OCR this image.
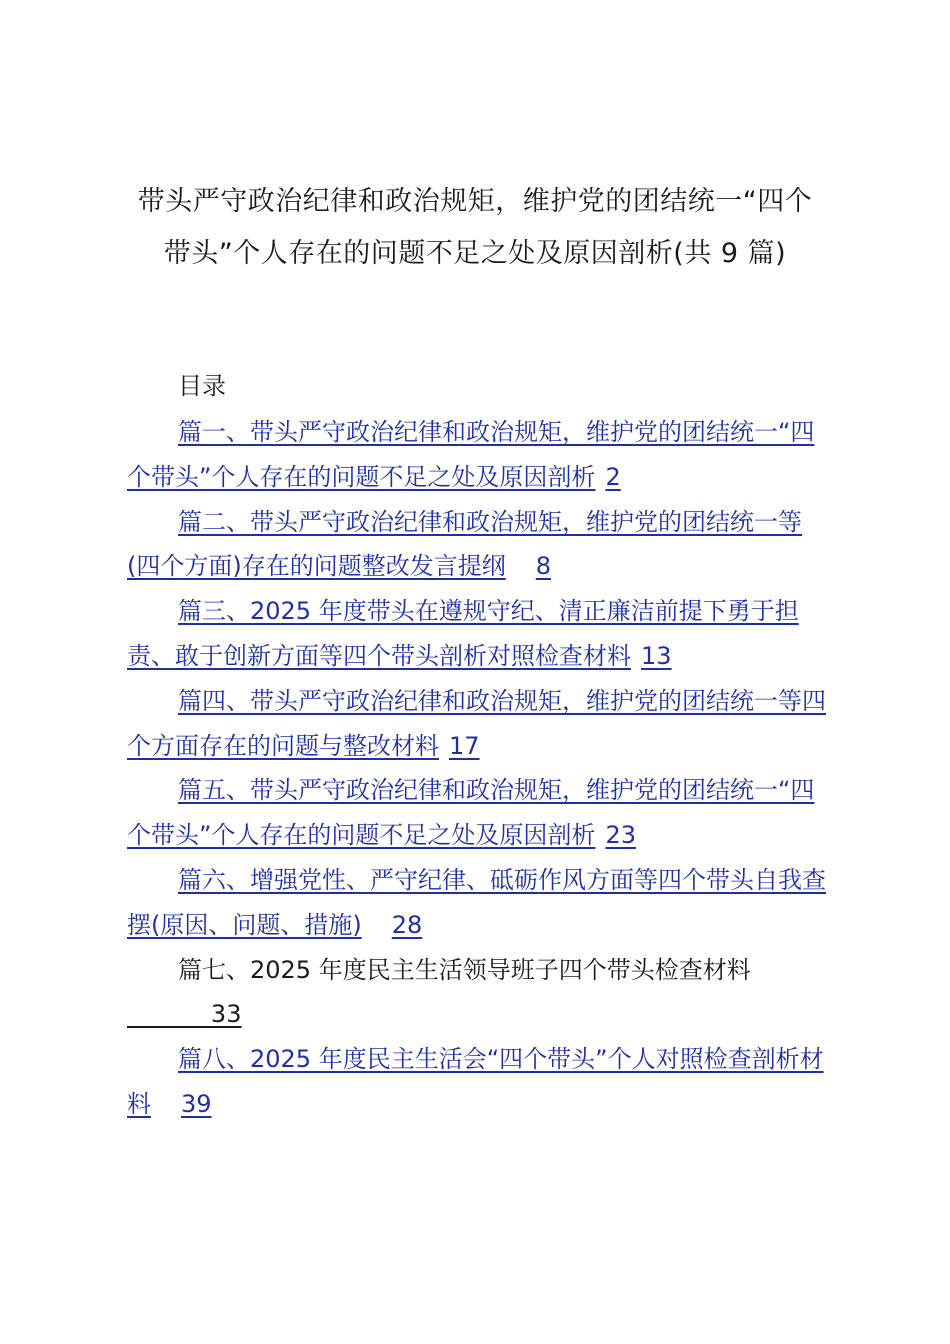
带头严守政治纪律和政治规矩，维护党的团结统一“四个
带头”个人存在的问题不足之处及原因剖析(共 9 篇)
目录
篇一、带头严守政治纪律和政治规矩，维护党的团结统一“四个带头”个人存在的问题不足之处及原因剖析 2
篇二、带头严守政治纪律和政治规矩，维护党的团结统一等(四个方面)存在的问题整改发言提纲 8
篇三、2025 年度带头在遵规守纪、清正廉洁前提下勇于担责、敢于创新方面等四个带头剖析对照检查材料 13
篇四、带头严守政治纪律和政治规矩，维护党的团结统一等四个方面存在的问题与整改材料 17
篇五、带头严守政治纪律和政治规矩，维护党的团结统一“四个带头”个人存在的问题不足之处及原因剖析 23
篇六、增强党性、严守纪律、砥砺作风方面等四个带头自我查摆(原因、问题、措施) 28
篇七、2025 年度民主生活领导班子四个带头检查材料
33
篇八、2025 年度民主生活会“四个带头”个人对照检查剖析材料 39
